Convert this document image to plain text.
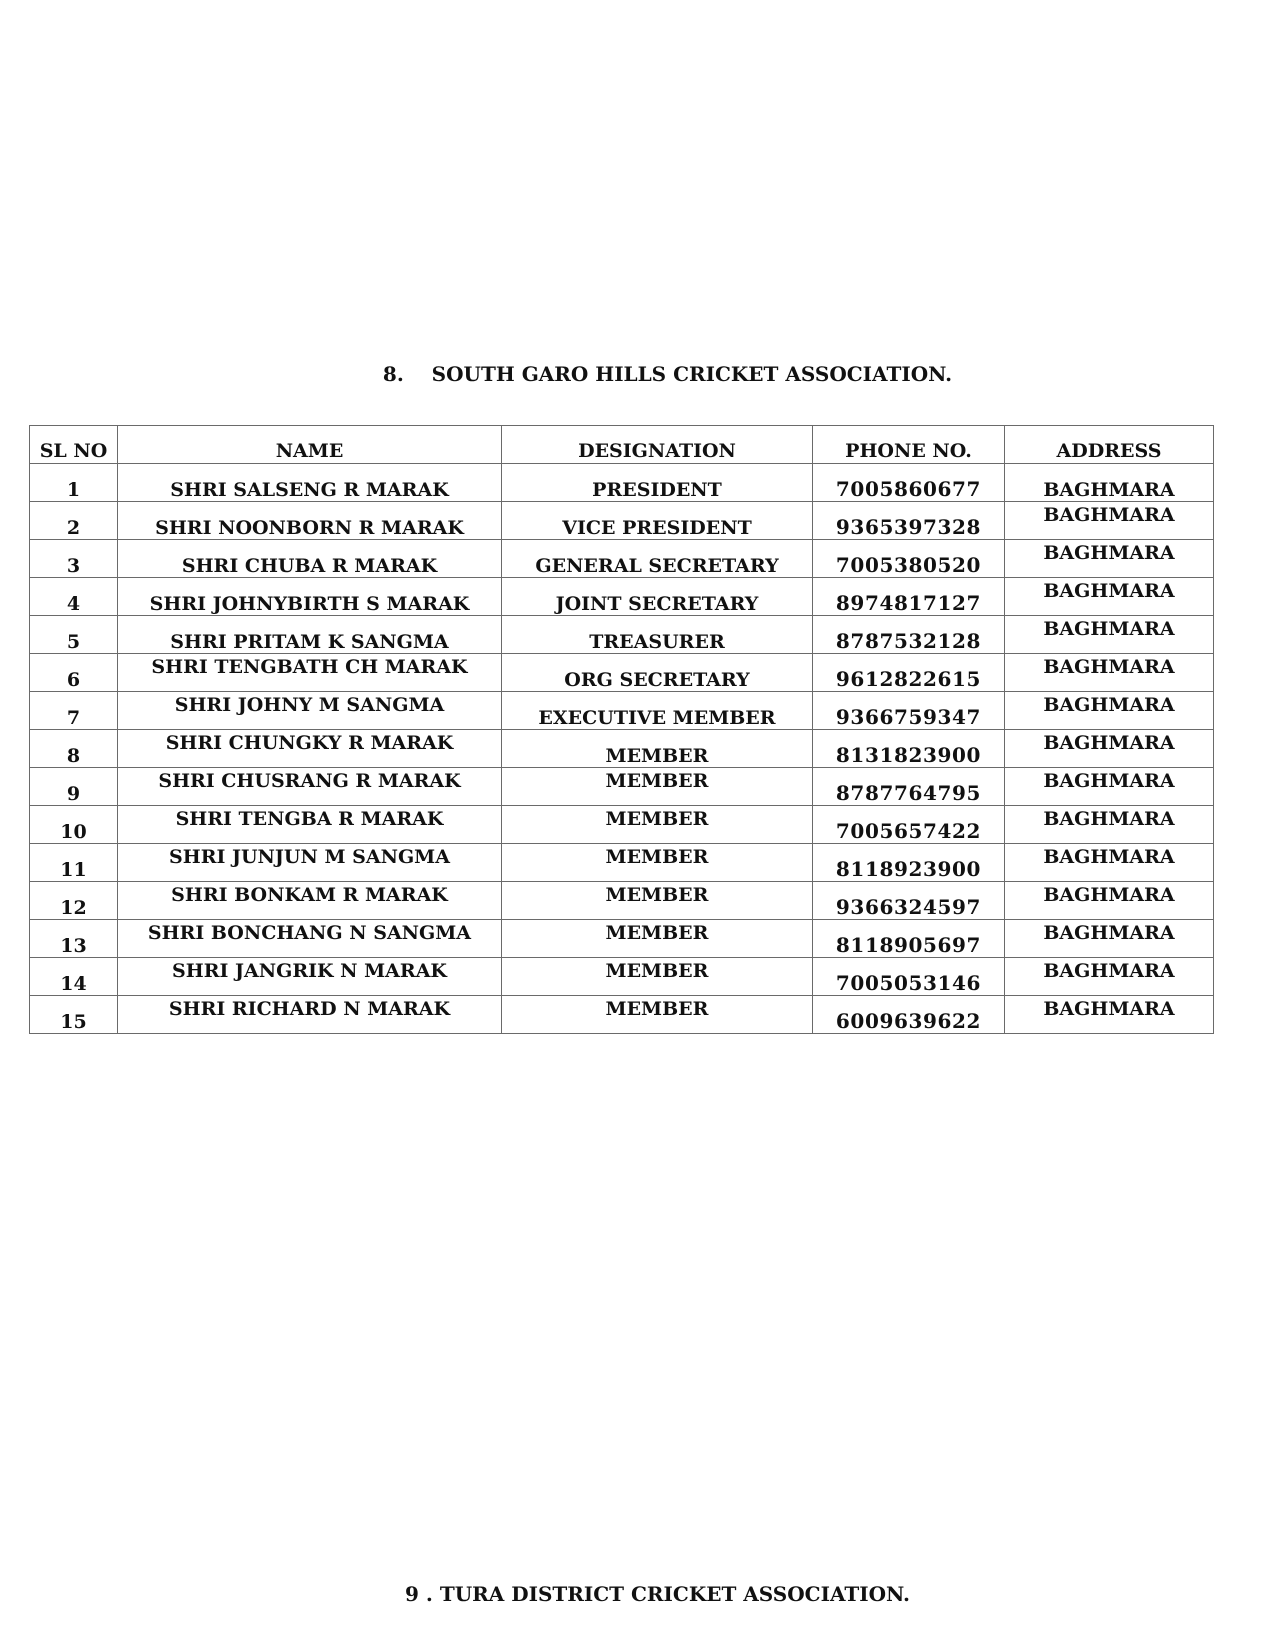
8. SOUTH GARO HILLS CRICKET ASSOCIATION.
SL NO	NAME	DESIGNATION	PHONE NO.	ADDRESS
1	SHRI SALSENG R MARAK	PRESIDENT	7005860677	BAGHMARA
2	SHRI NOONBORN R MARAK	VICE PRESIDENT	9365397328	BAGHMARA
3	SHRI CHUBA R MARAK	GENERAL SECRETARY	7005380520	BAGHMARA
4	SHRI JOHNYBIRTH S MARAK	JOINT SECRETARY	8974817127	BAGHMARA
5	SHRI PRITAM K SANGMA	TREASURER	8787532128	BAGHMARA
6	SHRI TENGBATH CH MARAK	ORG SECRETARY	9612822615	BAGHMARA
7	SHRI JOHNY M SANGMA	EXECUTIVE MEMBER	9366759347	BAGHMARA
8	SHRI CHUNGKY R MARAK	MEMBER	8131823900	BAGHMARA
9	SHRI CHUSRANG R MARAK	MEMBER	8787764795	BAGHMARA
10	SHRI TENGBA R MARAK	MEMBER	7005657422	BAGHMARA
11	SHRI JUNJUN M SANGMA	MEMBER	8118923900	BAGHMARA
12	SHRI BONKAM R MARAK	MEMBER	9366324597	BAGHMARA
13	SHRI BONCHANG N SANGMA	MEMBER	8118905697	BAGHMARA
14	SHRI JANGRIK N MARAK	MEMBER	7005053146	BAGHMARA
15	SHRI RICHARD N MARAK	MEMBER	6009639622	BAGHMARA
9 . TURA DISTRICT CRICKET ASSOCIATION.
